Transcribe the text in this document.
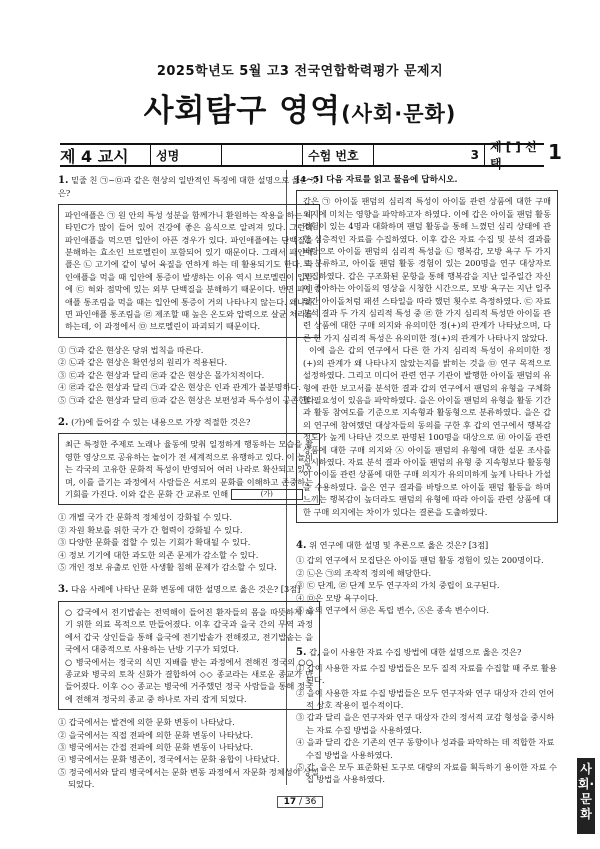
2025학년도 5월 고3 전국연합학력평가 문제지
사회탐구 영역(사회·문화)
제 4 교시	성명	수험 번호	3
제 [ ] 선택	1
1. 밑줄 친 ㉠~㉤과 같은 현상의 일반적인 특징에 대한 설명으로 옳은 것은?
파인애플은 ㉠ 원 안의 특성 성분을 함께가니 환원하는 작용을 하는 비타민C가 많이 들어 있어 건강에 좋은 음식으로 알려져 있다. 그런데 파인애플을 먹으면 입안이 아픈 경우가 있다. 파인애플에는 단백질을 분해하는 효소인 브로멜린이 포함되어 있기 때문이다. 그래서 파인애플은 ㉡ 고기에 같이 넣어 육질을 연하게 하는 데 활용되기도 한다. 파인애플을 먹을 때 입안에 통증이 발생하는 이유 역시 브로멜린이 입안에 ㉢ 혀와 점막에 있는 외부 단백질을 분해하기 때문이다. 반면 파인애플 통조림을 먹을 때는 입안에 통증이 거의 나타나지 않는다. 왜냐하면 파인애플 통조림을 ㉣ 제조할 때 높은 온도와 압력으로 살균 처리를 하는데, 이 과정에서 ㉤ 브로멜린이 파괴되기 때문이다.

① ㉠과 같은 현상은 당위 법칙을 따른다.

② ㉡과 같은 현상은 확연성의 원리가 적용된다.

③ ㉢과 같은 현상과 달리 ㉣과 같은 현상은 몰가치적이다.

④ ㉣과 같은 현상과 달리 ㉠과 같은 현상은 인과 관계가 불분명하다.

⑤ ㉠과 같은 현상과 달리 ㉤과 같은 현상은 보편성과 특수성이 공존한다.

2. (가)에 들어갈 수 있는 내용으로 가장 적절한 것은?
최근 특정한 주제로 노래나 율동에 맞춰 일정하게 행동하는 모습을 촬영한 영상으로 공유하는 놀이가 전 세계적으로 유행하고 있다. 이 놀이는 각국의 고유한 문화적 특성이 반영되어 여러 나라로 확산되고 있으며, 이를 즐기는 과정에서 사람들은 서로의 문화를 이해하고 존중하는 기회를 가진다. 이와 같은 문화 간 교류로 인해	(가)

① 개별 국가 간 문화적 정체성이 강화될 수 있다.

② 자원 확보를 위한 국가 간 협력이 강화될 수 있다.

③ 다양한 문화를 접할 수 있는 기회가 확대될 수 있다.

④ 정보 기기에 대한 과도한 의존 문제가 감소할 수 있다.

⑤ 개인 정보 유출로 인한 사생활 침해 문제가 감소할 수 있다.

3. 다음 사례에 나타난 문화 변동에 대한 설명으로 옳은 것은? [3점]
○ 갑국에서 전기밥솥는 전역해이 들어진 환자들의 몸을 따뜻하게 하기 위한 의료 목적으로 만들어졌다. 이후 갑국과 을국 간의 무역 과정에서 갑국 상인들을 통해 을국에 전기밥솥가 전해졌고, 전기밥솥는 을국에서 대중적으로 사용하는 난방 기구가 되었다.
○ 병국에서는 정국의 식민 지배를 받는 과정에서 전해진 정국의 ○○ 종교와 병국의 토착 신화가 결합하여 ◇◇ 종교라는 새로운 종교가 만들어졌다. 이후 ◇◇ 종교는 병국에 거주했던 정국 사람들을 통해 정국에 전해져 정국의 종교 중 하나로 자리 잡게 되었다.

① 갑국에서는 발견에 의한 문화 변동이 나타났다.

② 을국에서는 직접 전파에 의한 문화 변동이 나타났다.

③ 병국에서는 간접 전파에 의한 문화 변동이 나타났다.

④ 병국에서는 문화 병존이, 정국에서는 문화 융합이 나타났다.

⑤ 정국에서와 달리 병국에서는 문화 변동 과정에서 자문화 정체성이 상실되었다.

[4~5] 다음 자료를 읽고 물음에 답하시오.
갑은 ㉠ 아이돌 팬덤의 심리적 특성이 아이돌 관련 상품에 대한 구매 의지에 미치는 영향을 파악하고자 하였다. 이에 갑은 아이돌 팬덤 활동 경험이 있는 4명과 대화하며 팬덤 활동을 통해 느꼈던 심리 상태에 관한 심층적인 자료를 수집하였다. 이후 갑은 자료 수집 및 분석 결과를 바탕으로 아이돌 팬덤의 심리적 특성을 ㉡ 행복감, 모방 욕구 두 가지로 분류하고, 아이돌 팬덤 활동 경험이 있는 200명을 연구 대상자로 모집하였다. 갑은 구조화된 문항을 통해 행복감을 지난 일주일간 자신이 좋아하는 아이돌의 영상을 시청한 시간으로, 모방 욕구는 지난 일주일간 아이돌처럼 패션 스타일을 따라 했던 횟수로 측정하였다. ㉢ 자료 분석 결과 두 가지 심리적 특성 중 ㉣ 한 가지 심리적 특성만 아이돌 관련 상품에 대한 구매 의지와 유의미한 정(+)의 관계가 나타났으며, 다른 한 가지 심리적 특성은 유의미한 정(+)의 관계가 나타나지 않았다.
이에 을은 갑의 연구에서 다른 한 가지 심리적 특성이 유의미한 정(+)의 관계가 왜 나타나지 않았는지를 밝히는 것을 ㉤ 연구 목적으로 설정하였다. 그리고 미디어 관련 연구 기관이 발행한 아이돌 팬덤의 유형에 관한 보고서를 분석한 결과 갑의 연구에서 팬덤의 유형을 구체화할 필요성이 있음을 파악하였다. 을은 아이돌 팬덤의 유형을 활동 기간과 활동 참여도를 기준으로 지속형과 활동형으로 분류하였다. 을은 갑의 연구에 참여했던 대상자들의 동의를 구한 후 갑의 연구에서 행복감 정도가 높게 나타난 것으로 판명된 100명을 대상으로 ㉥ 아이돌 관련 상품에 대한 구매 의지와 ㉦ 아이돌 팬덤의 유형에 대한 설문 조사를 실시하였다. 자료 분석 결과 아이돌 팬덤의 유형 중 지속형보다 활동형이 아이돌 관련 상품에 대한 구매 의지가 유의미하게 높게 나타나 가설을 수용하였다. 을은 연구 결과를 바탕으로 아이돌 팬덤 활동을 하며 느끼는 행복감이 높더라도 팬덤의 유형에 따라 아이돌 관련 상품에 대한 구매 의지에는 차이가 있다는 결론을 도출하였다.
4. 위 연구에 대한 설명 및 추론으로 옳은 것은? [3점]

① 갑의 연구에서 모집단은 아이돌 팬덤 활동 경험이 있는 200명이다.

② ㉡은 ㉠의 조작적 정의에 해당한다.

③ ㉢ 단계, ㉣ 단계 모두 연구자의 가치 중립이 요구된다.

④ ㉤은 모방 욕구이다.

⑤ 을의 연구에서 ㉥은 독립 변수, ㉦은 종속 변수이다.

5. 갑, 을이 사용한 자료 수집 방법에 대한 설명으로 옳은 것은?

① 갑이 사용한 자료 수집 방법들은 모두 질적 자료를 수집할 때 주로 활용된다.

② 을이 사용한 자료 수집 방법들은 모두 연구자와 연구 대상자 간의 언어적 상호 작용이 필수적이다.

③ 갑과 달리 을은 연구자와 연구 대상자 간의 정서적 교감 형성을 중시하는 자료 수집 방법을 사용하였다.

④ 을과 달리 갑은 기존의 연구 동향이나 성과를 파악하는 데 적합한 자료 수집 방법을 사용하였다.

⑤ 갑, 을은 모두 표준화된 도구로 대량의 자료를 획득하기 용이한 자료 수집 방법을 사용하였다.

사회·문화
17 / 36
